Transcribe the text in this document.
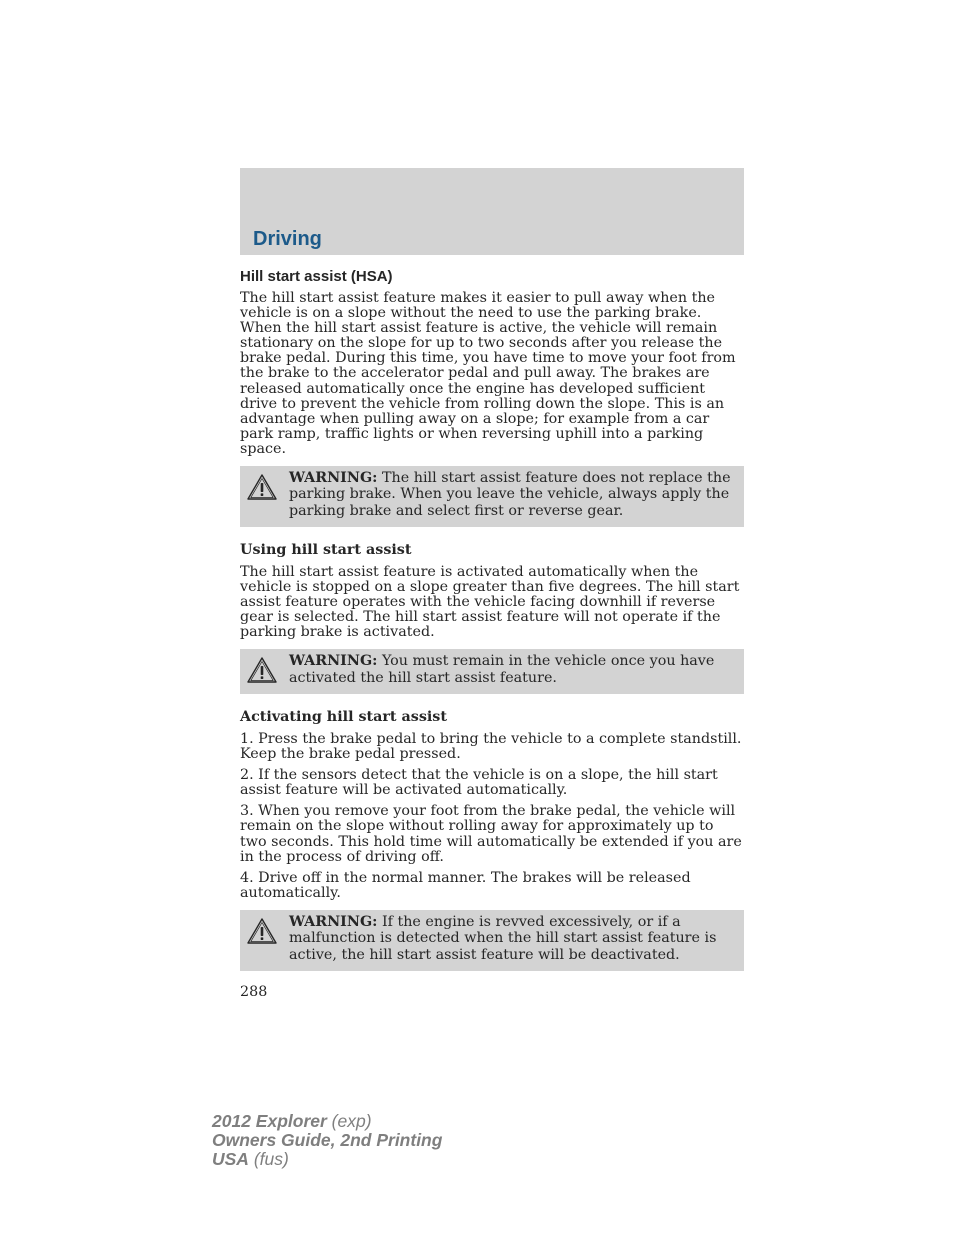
Driving
Hill start assist (HSA)

The hill start assist feature makes it easier to pull away when the vehicle is on a slope without the need to use the parking brake. When the hill start assist feature is active, the vehicle will remain stationary on the slope for up to two seconds after you release the brake pedal. During this time, you have time to move your foot from the brake to the accelerator pedal and pull away. The brakes are released automatically once the engine has developed sufficient drive to prevent the vehicle from rolling down the slope. This is an advantage when pulling away on a slope; for example from a car park ramp, traffic lights or when reversing uphill into a parking space.

WARNING: The hill start assist feature does not replace the parking brake. When you leave the vehicle, always apply the parking brake and select first or reverse gear.
Using hill start assist

The hill start assist feature is activated automatically when the vehicle is stopped on a slope greater than five degrees. The hill start assist feature operates with the vehicle facing downhill if reverse gear is selected. The hill start assist feature will not operate if the parking brake is activated.

WARNING: You must remain in the vehicle once you have activated the hill start assist feature.
Activating hill start assist

1. Press the brake pedal to bring the vehicle to a complete standstill. Keep the brake pedal pressed.

2. If the sensors detect that the vehicle is on a slope, the hill start assist feature will be activated automatically.

3. When you remove your foot from the brake pedal, the vehicle will remain on the slope without rolling away for approximately up to two seconds. This hold time will automatically be extended if you are in the process of driving off.

4. Drive off in the normal manner. The brakes will be released automatically.

WARNING: If the engine is revved excessively, or if a malfunction is detected when the hill start assist feature is active, the hill start assist feature will be deactivated.
288
2012 Explorer (exp)
Owners Guide, 2nd Printing
USA (fus)
